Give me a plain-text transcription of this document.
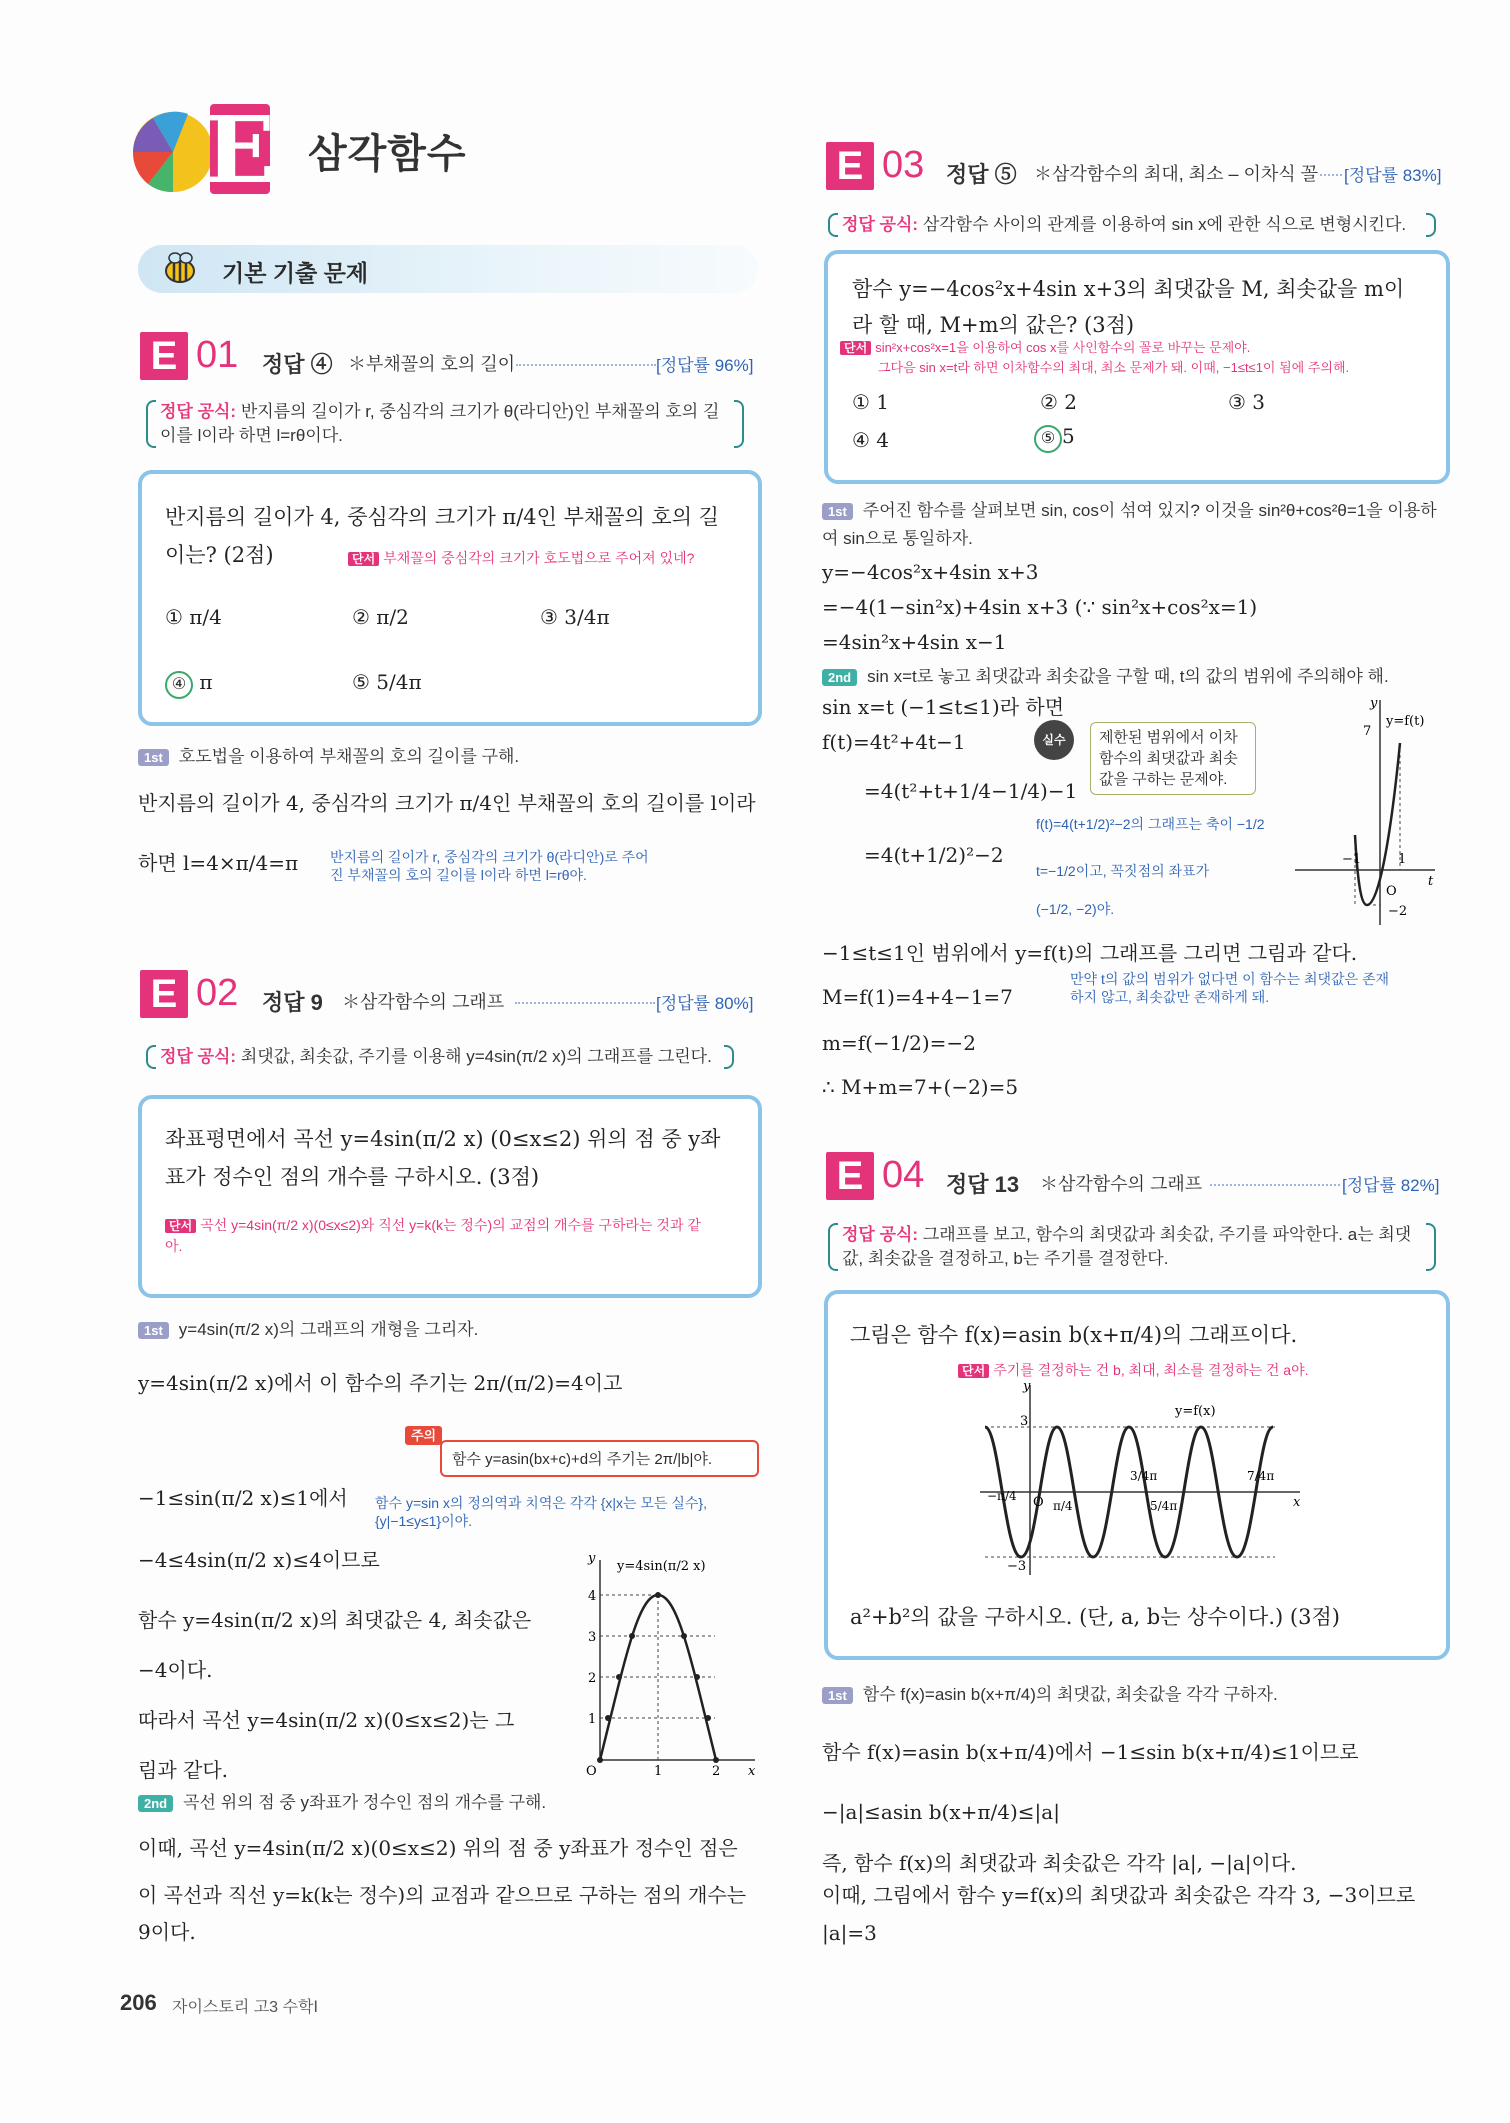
E 삼각함수
기본 기출 문제
E 01 정답 ④ ＊부채꼴의 호의 길이	[정답률 96%]
정답 공식: 반지름의 길이가 r, 중심각의 크기가 θ(라디안)인 부채꼴의 호의 길이를 l이라 하면 l=rθ이다.
반지름의 길이가 4, 중심각의 크기가 π/4인 부채꼴의 호의 길이는? (2점)	단서 부채꼴의 중심각의 크기가 호도법으로 주어져 있네?
① π/4	② π/2	③ 3/4π
④ π	⑤ 5/4π
1st 호도법을 이용하여 부채꼴의 호의 길이를 구해.
반지름의 길이가 4, 중심각의 크기가 π/4인 부채꼴의 호의 길이를 l이라
하면 l=4×π/4=π 반지름의 길이가 r, 중심각의 크기가 θ(라디안)로 주어진 부채꼴의 호의 길이를 l이라 하면 l=rθ야.
E 02 정답 9 ＊삼각함수의 그래프	[정답률 80%]
정답 공식: 최댓값, 최솟값, 주기를 이용해 y=4sin(π/2 x)의 그래프를 그린다.
좌표평면에서 곡선 y=4sin(π/2 x) (0≤x≤2) 위의 점 중 y좌표가 정수인 점의 개수를 구하시오. (3점)
단서 곡선 y=4sin(π/2 x)(0≤x≤2)와 직선 y=k(k는 정수)의 교점의 개수를 구하라는 것과 같아.
1st y=4sin(π/2 x)의 그래프의 개형을 그리자.
y=4sin(π/2 x)에서 이 함수의 주기는 2π/(π/2)=4이고
주의
함수 y=asin(bx+c)+d의 주기는 2π/|b|야.
−1≤sin(π/2 x)≤1에서 함수 y=sin x의 정의역과 치역은 각각 {x|x는 모든 실수}, {y|−1≤y≤1}이야.
−4≤4sin(π/2 x)≤4이므로
함수 y=4sin(π/2 x)의 최댓값은 4, 최솟값은
−4이다.
따라서 곡선 y=4sin(π/2 x)(0≤x≤2)는 그
림과 같다.
4
3
2
1
O	1	2 x
y
y=4sin(π/2 x)
2nd 곡선 위의 점 중 y좌표가 정수인 점의 개수를 구해.
이때, 곡선 y=4sin(π/2 x)(0≤x≤2) 위의 점 중 y좌표가 정수인 점은
이 곡선과 직선 y=k(k는 정수)의 교점과 같으므로 구하는 점의 개수는
9이다.
E 03 정답 ⑤ ＊삼각함수의 최대, 최소 – 이차식 꼴 [정답률 83%]
정답 공식: 삼각함수 사이의 관계를 이용하여 sin x에 관한 식으로 변형시킨다.
함수 y=−4cos²x+4sin x+3의 최댓값을 M, 최솟값을 m이
라 할 때, M+m의 값은? (3점)
단서 sin²x+cos²x=1을 이용하여 cos x를 사인함수의 꼴로 바꾸는 문제야.
그다음 sin x=t라 하면 이차함수의 최대, 최소 문제가 돼. 이때, −1≤t≤1이 됨에 주의해.
① 1	② 2	③ 3
④ 4	⑤ 5
1st 주어진 함수를 살펴보면 sin, cos이 섞여 있지? 이것을 sin²θ+cos²θ=1을 이용하여 sin으로 통일하자.
y=−4cos²x+4sin x+3
=−4(1−sin²x)+4sin x+3 (∵ sin²x+cos²x=1)
=4sin²x+4sin x−1
2nd sin x=t로 놓고 최댓값과 최솟값을 구할 때, t의 값의 범위에 주의해야 해.
sin x=t (−1≤t≤1)라 하면
f(t)=4t²+4t−1
=4(t²+t+1/4−1/4)−1
=4(t+1/2)²−2
실수	제한된 범위에서 이차함수의 최댓값과 최솟값을 구하는 문제야.
f(t)=4(t+1/2)²−2의 그래프는 축이 −1/2
t=−1/2이고, 꼭짓점의 좌표가
(−1/2, −2)야.
7
O
−1	1
−2
t
y
y=f(t)
−1≤t≤1인 범위에서 y=f(t)의 그래프를 그리면 그림과 같다.
M=f(1)=4+4−1=7
만약 t의 값의 범위가 없다면 이 함수는 최댓값은 존재하지 않고, 최솟값만 존재하게 돼.
m=f(−1/2)=−2
∴ M+m=7+(−2)=5
E 04 정답 13 ＊삼각함수의 그래프	[정답률 82%]
정답 공식: 그래프를 보고, 함수의 최댓값과 최솟값, 주기를 파악한다. a는 최댓값, 최솟값을 결정하고, b는 주기를 결정한다.
그림은 함수 f(x)=asin b(x+π/4)의 그래프이다.
단서 주기를 결정하는 건 b, 최대, 최소를 결정하는 건 a야.
3
O
−3
y
x
−π/4
π/4
3/4π
5/4π
7/4π
y=f(x)
a²+b²의 값을 구하시오. (단, a, b는 상수이다.) (3점)
1st 함수 f(x)=asin b(x+π/4)의 최댓값, 최솟값을 각각 구하자.
함수 f(x)=asin b(x+π/4)에서 −1≤sin b(x+π/4)≤1이므로
−|a|≤asin b(x+π/4)≤|a|
즉, 함수 f(x)의 최댓값과 최솟값은 각각 |a|, −|a|이다.
이때, 그림에서 함수 y=f(x)의 최댓값과 최솟값은 각각 3, −3이므로
|a|=3
206 자이스토리 고3 수학Ⅰ
